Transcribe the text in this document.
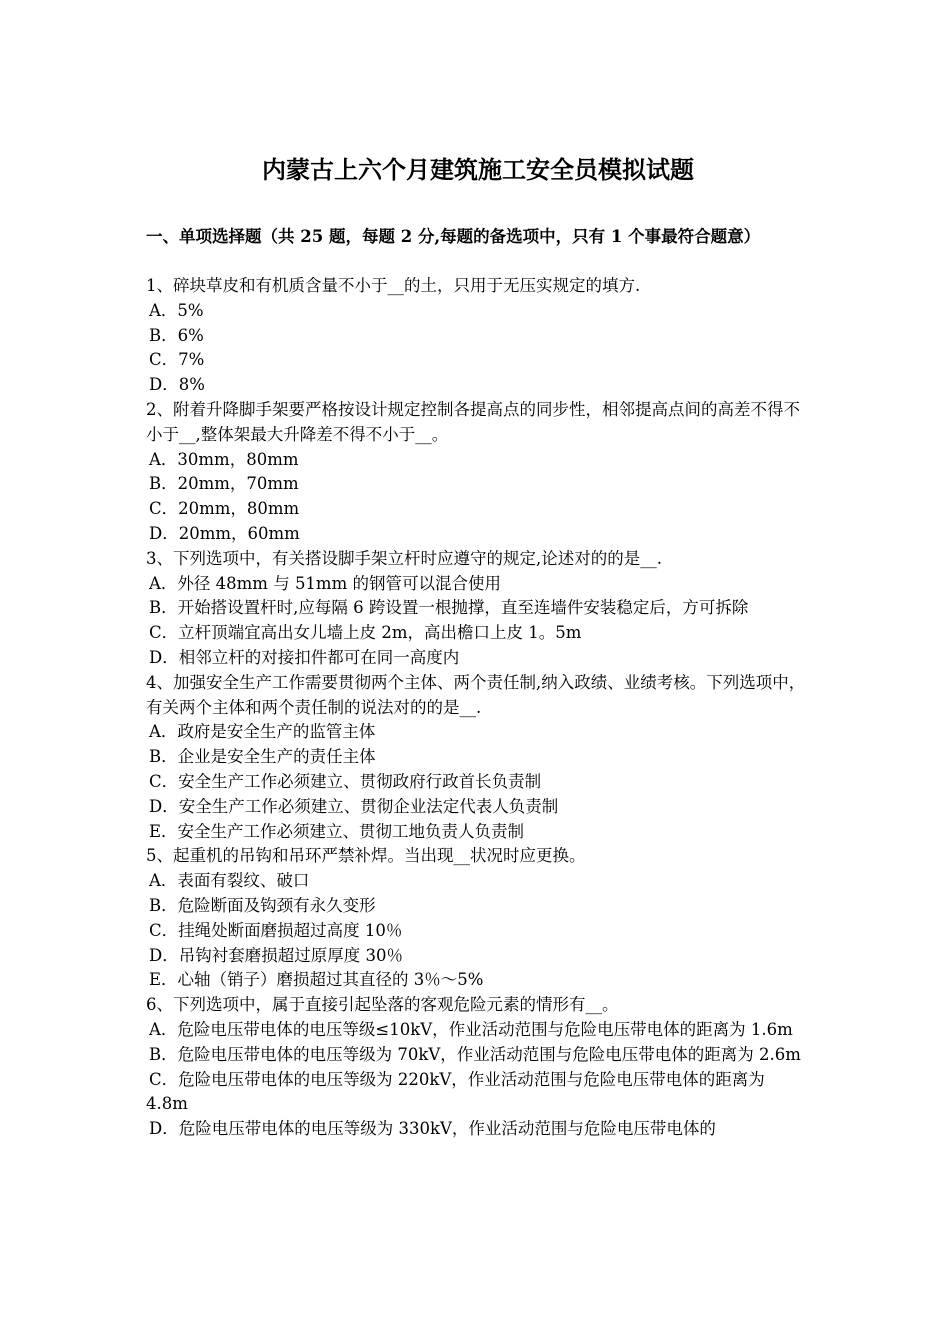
内蒙古上六个月建筑施工安全员模拟试题
一、单项选择题（共 25 题，每题 2 分,每题的备选项中，只有 1 个事最符合题意）

1、碎块草皮和有机质含量不小于__的土，只用于无压实规定的填方.

A．5%

B．6%

C．7%

D．8%

2、附着升降脚手架要严格按设计规定控制各提高点的同步性，相邻提高点间的高差不得不小于__,整体架最大升降差不得不小于__。

A．30mm，80mm

B．20mm，70mm

C．20mm，80mm

D．20mm，60mm

3、下列选项中，有关搭设脚手架立杆时应遵守的规定,论述对的的是__.

A．外径 48mm 与 51mm 的钢管可以混合使用

B．开始搭设置杆时,应每隔 6 跨设置一根抛撑，直至连墙件安装稳定后，方可拆除

C．立杆顶端宜高出女儿墙上皮 2m，高出檐口上皮 1。5m

D．相邻立杆的对接扣件都可在同一高度内

4、加强安全生产工作需要贯彻两个主体、两个责任制,纳入政绩、业绩考核。下列选项中，有关两个主体和两个责任制的说法对的的是__.

A．政府是安全生产的监管主体

B．企业是安全生产的责任主体

C．安全生产工作必须建立、贯彻政府行政首长负责制

D．安全生产工作必须建立、贯彻企业法定代表人负责制

E．安全生产工作必须建立、贯彻工地负责人负责制

5、起重机的吊钩和吊环严禁补焊。当出现__状况时应更换。

A．表面有裂纹、破口

B．危险断面及钩颈有永久变形

C．挂绳处断面磨损超过高度 10％

D．吊钩衬套磨损超过原厚度 30％

E．心轴（销子）磨损超过其直径的 3％～5%

6、下列选项中，属于直接引起坠落的客观危险元素的情形有__。

A．危险电压带电体的电压等级≤10kV，作业活动范围与危险电压带电体的距离为 1.6m

B．危险电压带电体的电压等级为 70kV，作业活动范围与危险电压带电体的距离为 2.6m

C．危险电压带电体的电压等级为 220kV，作业活动范围与危险电压带电体的距离为 4.8m

D．危险电压带电体的电压等级为 330kV，作业活动范围与危险电压带电体的
